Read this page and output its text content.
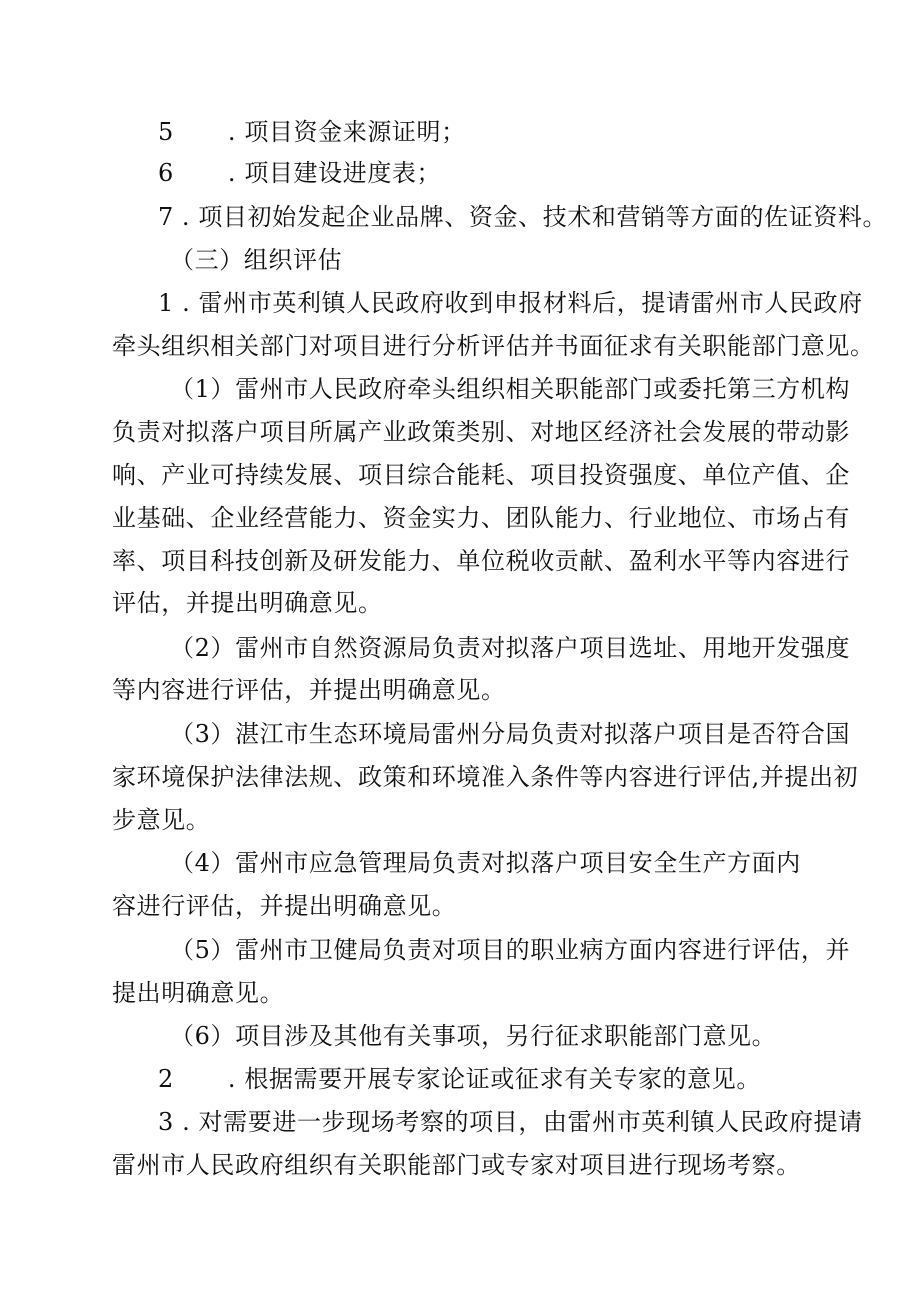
5 . 项目资金来源证明；
6 . 项目建设进度表；
7 . 项目初始发起企业品牌、资金、技术和营销等方面的佐证资料。
（三）组织评估
1 . 雷州市英利镇人民政府收到申报材料后，提请雷州市人民政府
牵头组织相关部门对项目进行分析评估并书面征求有关职能部门意见。
（1）雷州市人民政府牵头组织相关职能部门或委托第三方机构
负责对拟落户项目所属产业政策类别、对地区经济社会发展的带动影
响、产业可持续发展、项目综合能耗、项目投资强度、单位产值、企
业基础、企业经营能力、资金实力、团队能力、行业地位、市场占有
率、项目科技创新及研发能力、单位税收贡献、盈利水平等内容进行
评估，并提出明确意见。
（2）雷州市自然资源局负责对拟落户项目选址、用地开发强度
等内容进行评估，并提出明确意见。
（3）湛江市生态环境局雷州分局负责对拟落户项目是否符合国
家环境保护法律法规、政策和环境准入条件等内容进行评估,并提出初
步意见。
（4）雷州市应急管理局负责对拟落户项目安全生产方面内
容进行评估，并提出明确意见。
（5）雷州市卫健局负责对项目的职业病方面内容进行评估，并
提出明确意见。
（6）项目涉及其他有关事项，另行征求职能部门意见。
2 . 根据需要开展专家论证或征求有关专家的意见。
3 . 对需要进一步现场考察的项目，由雷州市英利镇人民政府提请
雷州市人民政府组织有关职能部门或专家对项目进行现场考察。
